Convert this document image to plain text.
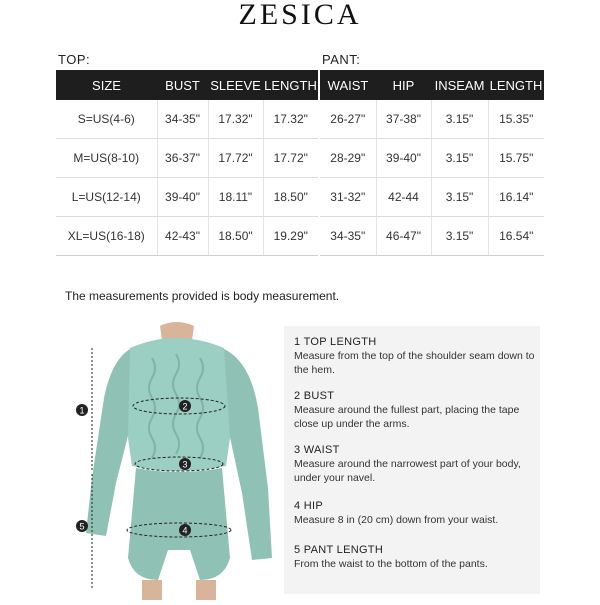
ZESICA
TOP:	PANT:
SIZE	BUST	SLEEVE	LENGTH
S=US(4-6)	34-35"	17.32"	17.32"
M=US(8-10)	36-37"	17.72"	17.72"
L=US(12-14)	39-40"	18.11"	18.50"
XL=US(16-18)	42-43"	18.50"	19.29"
WAIST	HIP	INSEAM	LENGTH
26-27"	37-38"	3.15"	15.35"
28-29"	39-40"	3.15"	15.75"
31-32"	42-44	3.15"	16.14"
34-35"	46-47"	3.15"	16.54"
The measurements provided is body measurement.
1	2
3
4
5
1 TOP LENGTH
Measure from the top of the shoulder seam down to the hem.
2 BUST
Measure around the fullest part, placing the tape close up under the arms.
3 WAIST
Measure around the narrowest part of your body, under your navel.
4 HIP
Measure 8 in (20 cm) down from your waist.
5 PANT LENGTH
From the waist to the bottom of the pants.
